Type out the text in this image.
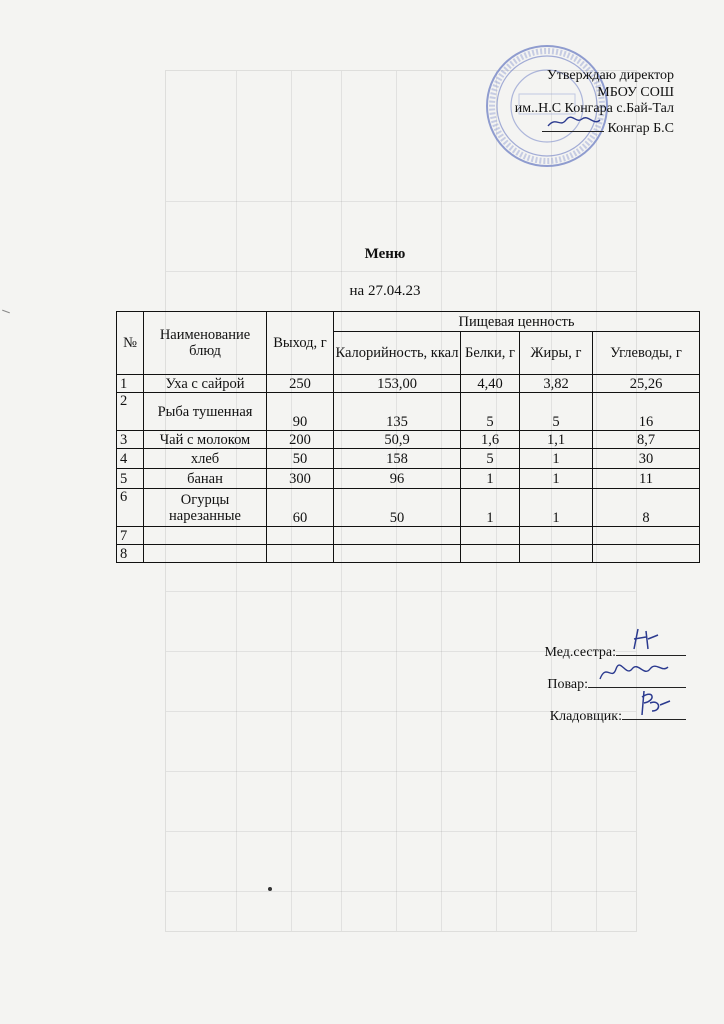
Утверждаю директор
МБОУ СОШ
им..Н.С Конгара с.Бай-Тал
Конгар Б.С
Меню
на 27.04.23
№	Наименование блюд	Выход, г	Пищевая ценность			
			Калорийность, ккал	Белки, г	Жиры, г	Углеводы, г
1	Уха с сайрой	250	153,00	4,40	3,82	25,26
2	Рыба тушенная	90	135	5	5	16
3	Чай с молоком	200	50,9	1,6	1,1	8,7
4	хлеб	50	158	5	1	30
5	банан	300	96	1	1	11
6	Огурцы нарезанные	60	50	1	1	8
7						
8						
Мед.сестра:
Повар:
Кладовщик:
